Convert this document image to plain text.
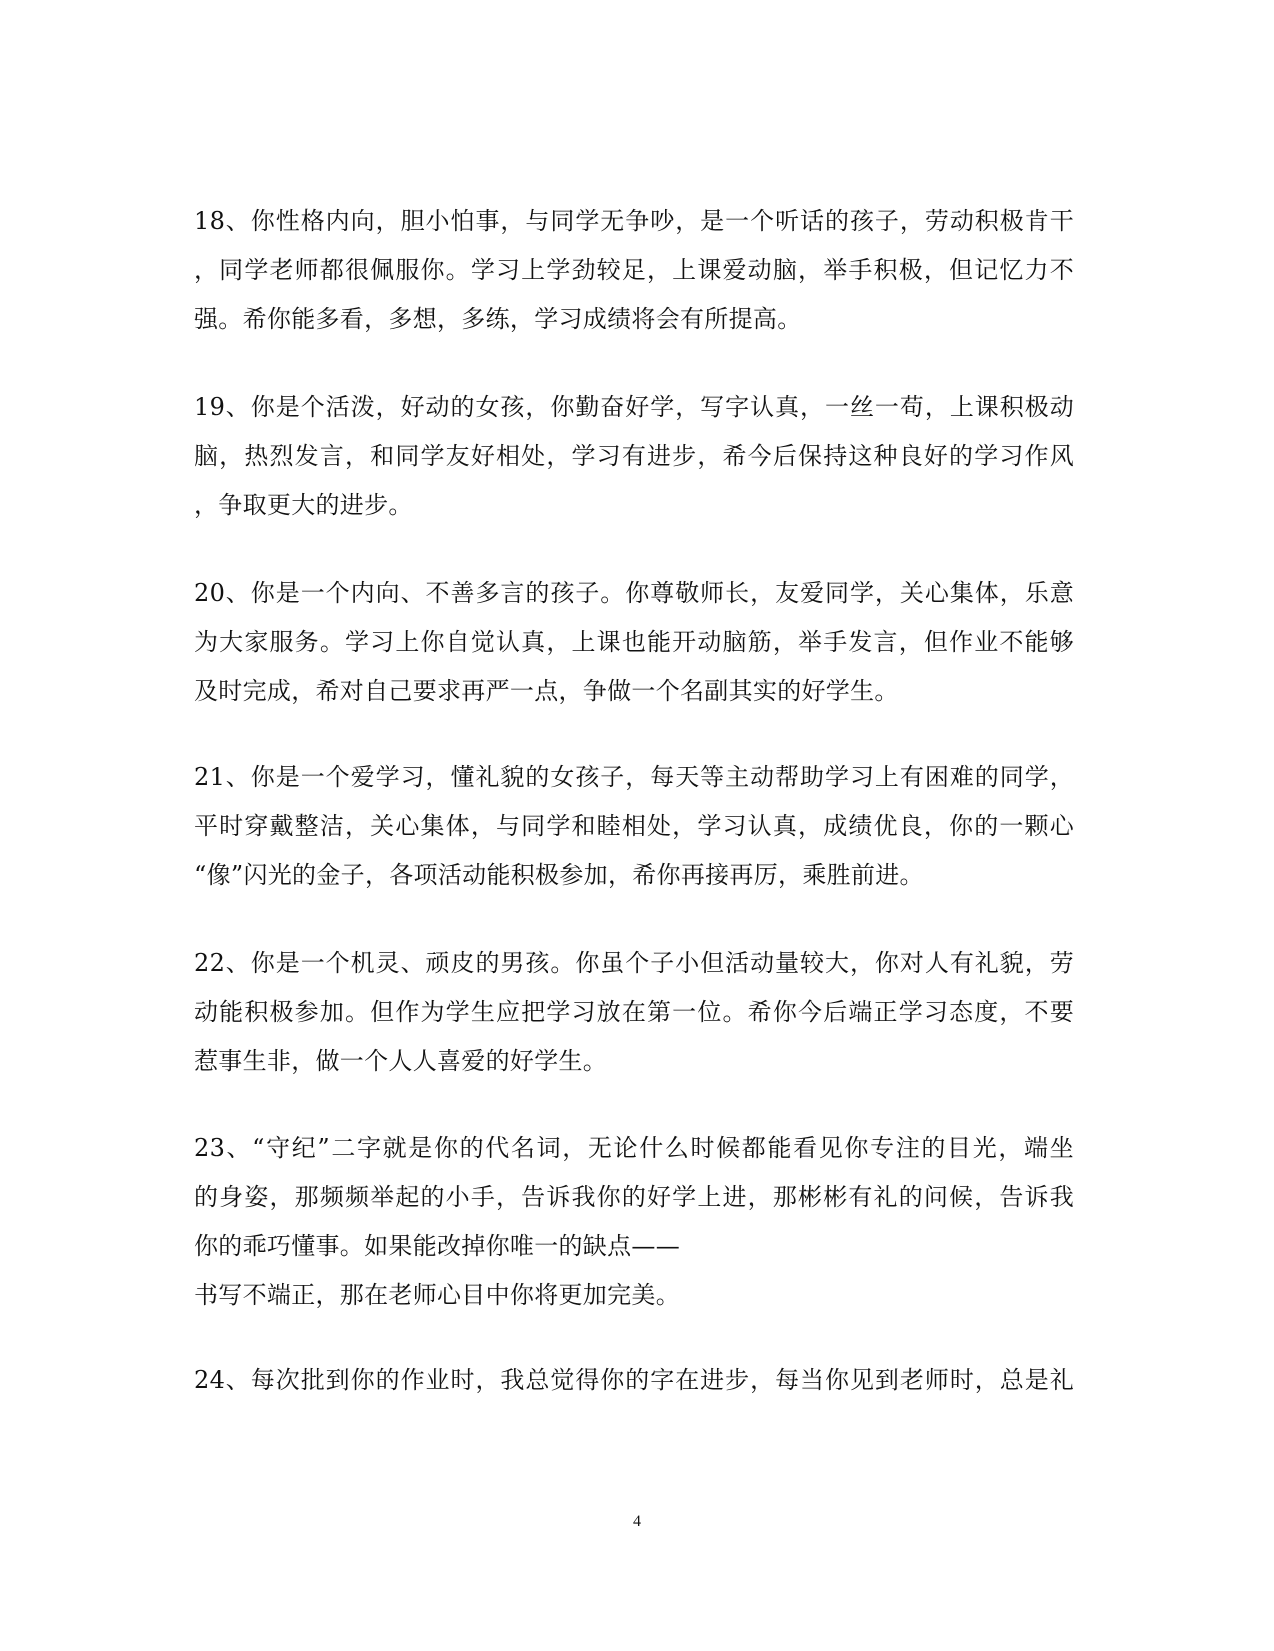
18、你性格内向，胆小怕事，与同学无争吵，是一个听话的孩子，劳动积极肯干
，同学老师都很佩服你。学习上学劲较足，上课爱动脑，举手积极，但记忆力不
强。希你能多看，多想，多练，学习成绩将会有所提高。
19、你是个活泼，好动的女孩，你勤奋好学，写字认真，一丝一苟，上课积极动
脑，热烈发言，和同学友好相处，学习有进步，希今后保持这种良好的学习作风
，争取更大的进步。
20、你是一个内向、不善多言的孩子。你尊敬师长，友爱同学，关心集体，乐意
为大家服务。学习上你自觉认真，上课也能开动脑筋，举手发言，但作业不能够
及时完成，希对自己要求再严一点，争做一个名副其实的好学生。
21、你是一个爱学习，懂礼貌的女孩子，每天等主动帮助学习上有困难的同学，
平时穿戴整洁，关心集体，与同学和睦相处，学习认真，成绩优良，你的一颗心
“像”闪光的金子，各项活动能积极参加，希你再接再厉，乘胜前进。
22、你是一个机灵、顽皮的男孩。你虽个子小但活动量较大，你对人有礼貌，劳
动能积极参加。但作为学生应把学习放在第一位。希你今后端正学习态度，不要
惹事生非，做一个人人喜爱的好学生。
23、“守纪”二字就是你的代名词，无论什么时候都能看见你专注的目光，端坐
的身姿，那频频举起的小手，告诉我你的好学上进，那彬彬有礼的问候，告诉我
你的乖巧懂事。如果能改掉你唯一的缺点——
书写不端正，那在老师心目中你将更加完美。
24、每次批到你的作业时，我总觉得你的字在进步，每当你见到老师时，总是礼
4
